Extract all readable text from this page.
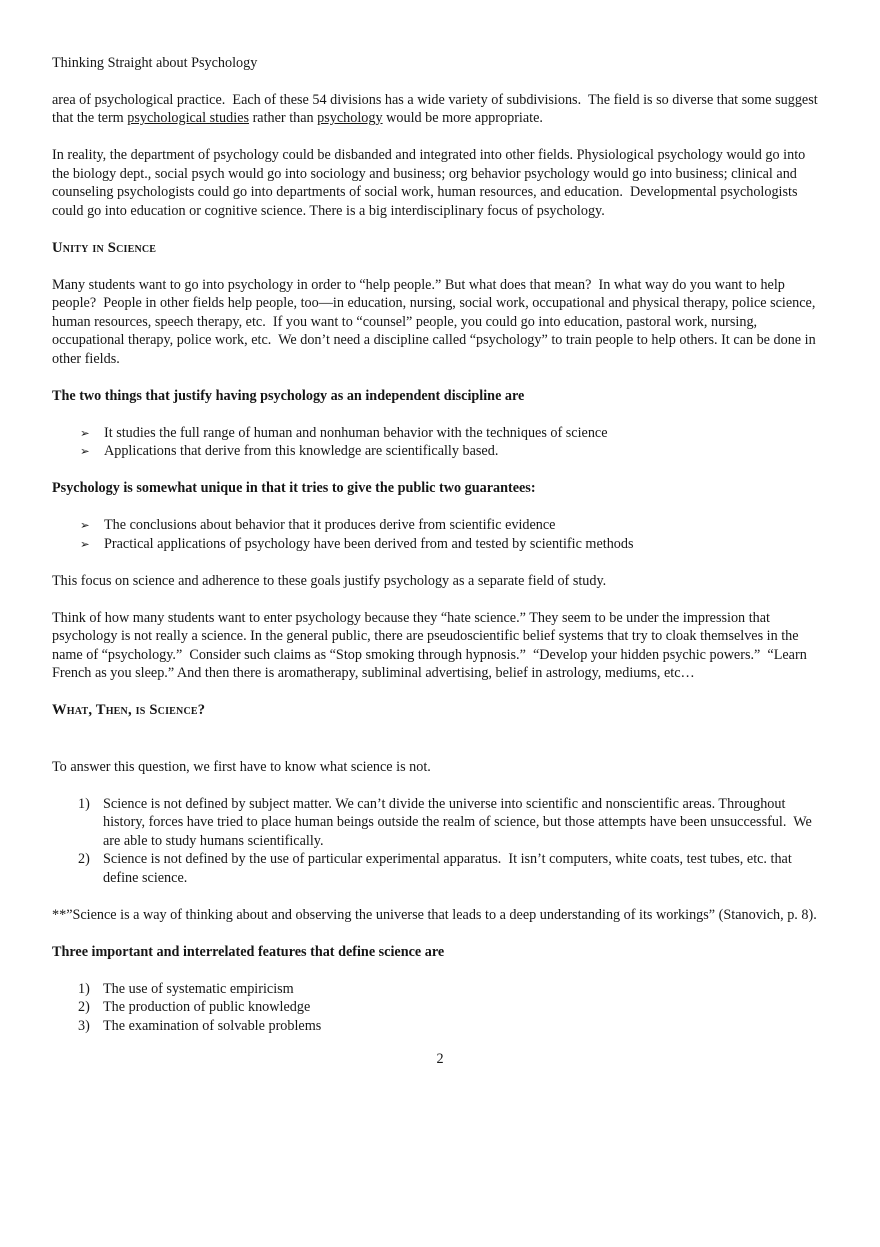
Thinking Straight about Psychology

area of psychological practice.  Each of these 54 divisions has a wide variety of subdivisions.  The field is so diverse that some suggest that the term psychological studies rather than psychology would be more appropriate.

In reality, the department of psychology could be disbanded and integrated into other fields. Physiological psychology would go into the biology dept., social psych would go into sociology and business; org behavior psychology would go into business; clinical and counseling psychologists could go into departments of social work, human resources, and education.  Developmental psychologists could go into education or cognitive science. There is a big interdisciplinary focus of psychology.

Unity in Science

Many students want to go into psychology in order to “help people.” But what does that mean?  In what way do you want to help people?  People in other fields help people, too—in education, nursing, social work, occupational and physical therapy, police science, human resources, speech therapy, etc.  If you want to “counsel” people, you could go into education, pastoral work, nursing, occupational therapy, police work, etc.  We don’t need a discipline called “psychology” to train people to help others. It can be done in other fields.

The two things that justify having psychology as an independent discipline are

➢	It studies the full range of human and nonhuman behavior with the techniques of science
➢	Applications that derive from this knowledge are scientifically based.

Psychology is somewhat unique in that it tries to give the public two guarantees:

➢	The conclusions about behavior that it produces derive from scientific evidence
➢	Practical applications of psychology have been derived from and tested by scientific methods

This focus on science and adherence to these goals justify psychology as a separate field of study.

Think of how many students want to enter psychology because they “hate science.” They seem to be under the impression that psychology is not really a science. In the general public, there are pseudoscientific belief systems that try to cloak themselves in the name of “psychology.”  Consider such claims as “Stop smoking through hypnosis.”  “Develop your hidden psychic powers.”  “Learn French as you sleep.” And then there is aromatherapy, subliminal advertising, belief in astrology, mediums, etc…

What, Then, is Science?

To answer this question, we first have to know what science is not.

1) Science is not defined by subject matter. We can’t divide the universe into scientific and nonscientific areas. Throughout history, forces have tried to place human beings outside the realm of science, but those attempts have been unsuccessful.  We are able to study humans scientifically.
2) Science is not defined by the use of particular experimental apparatus.  It isn’t computers, white coats, test tubes, etc. that define science.

**”Science is a way of thinking about and observing the universe that leads to a deep understanding of its workings” (Stanovich, p. 8).

Three important and interrelated features that define science are

1) The use of systematic empiricism
2) The production of public knowledge
3) The examination of solvable problems
2
